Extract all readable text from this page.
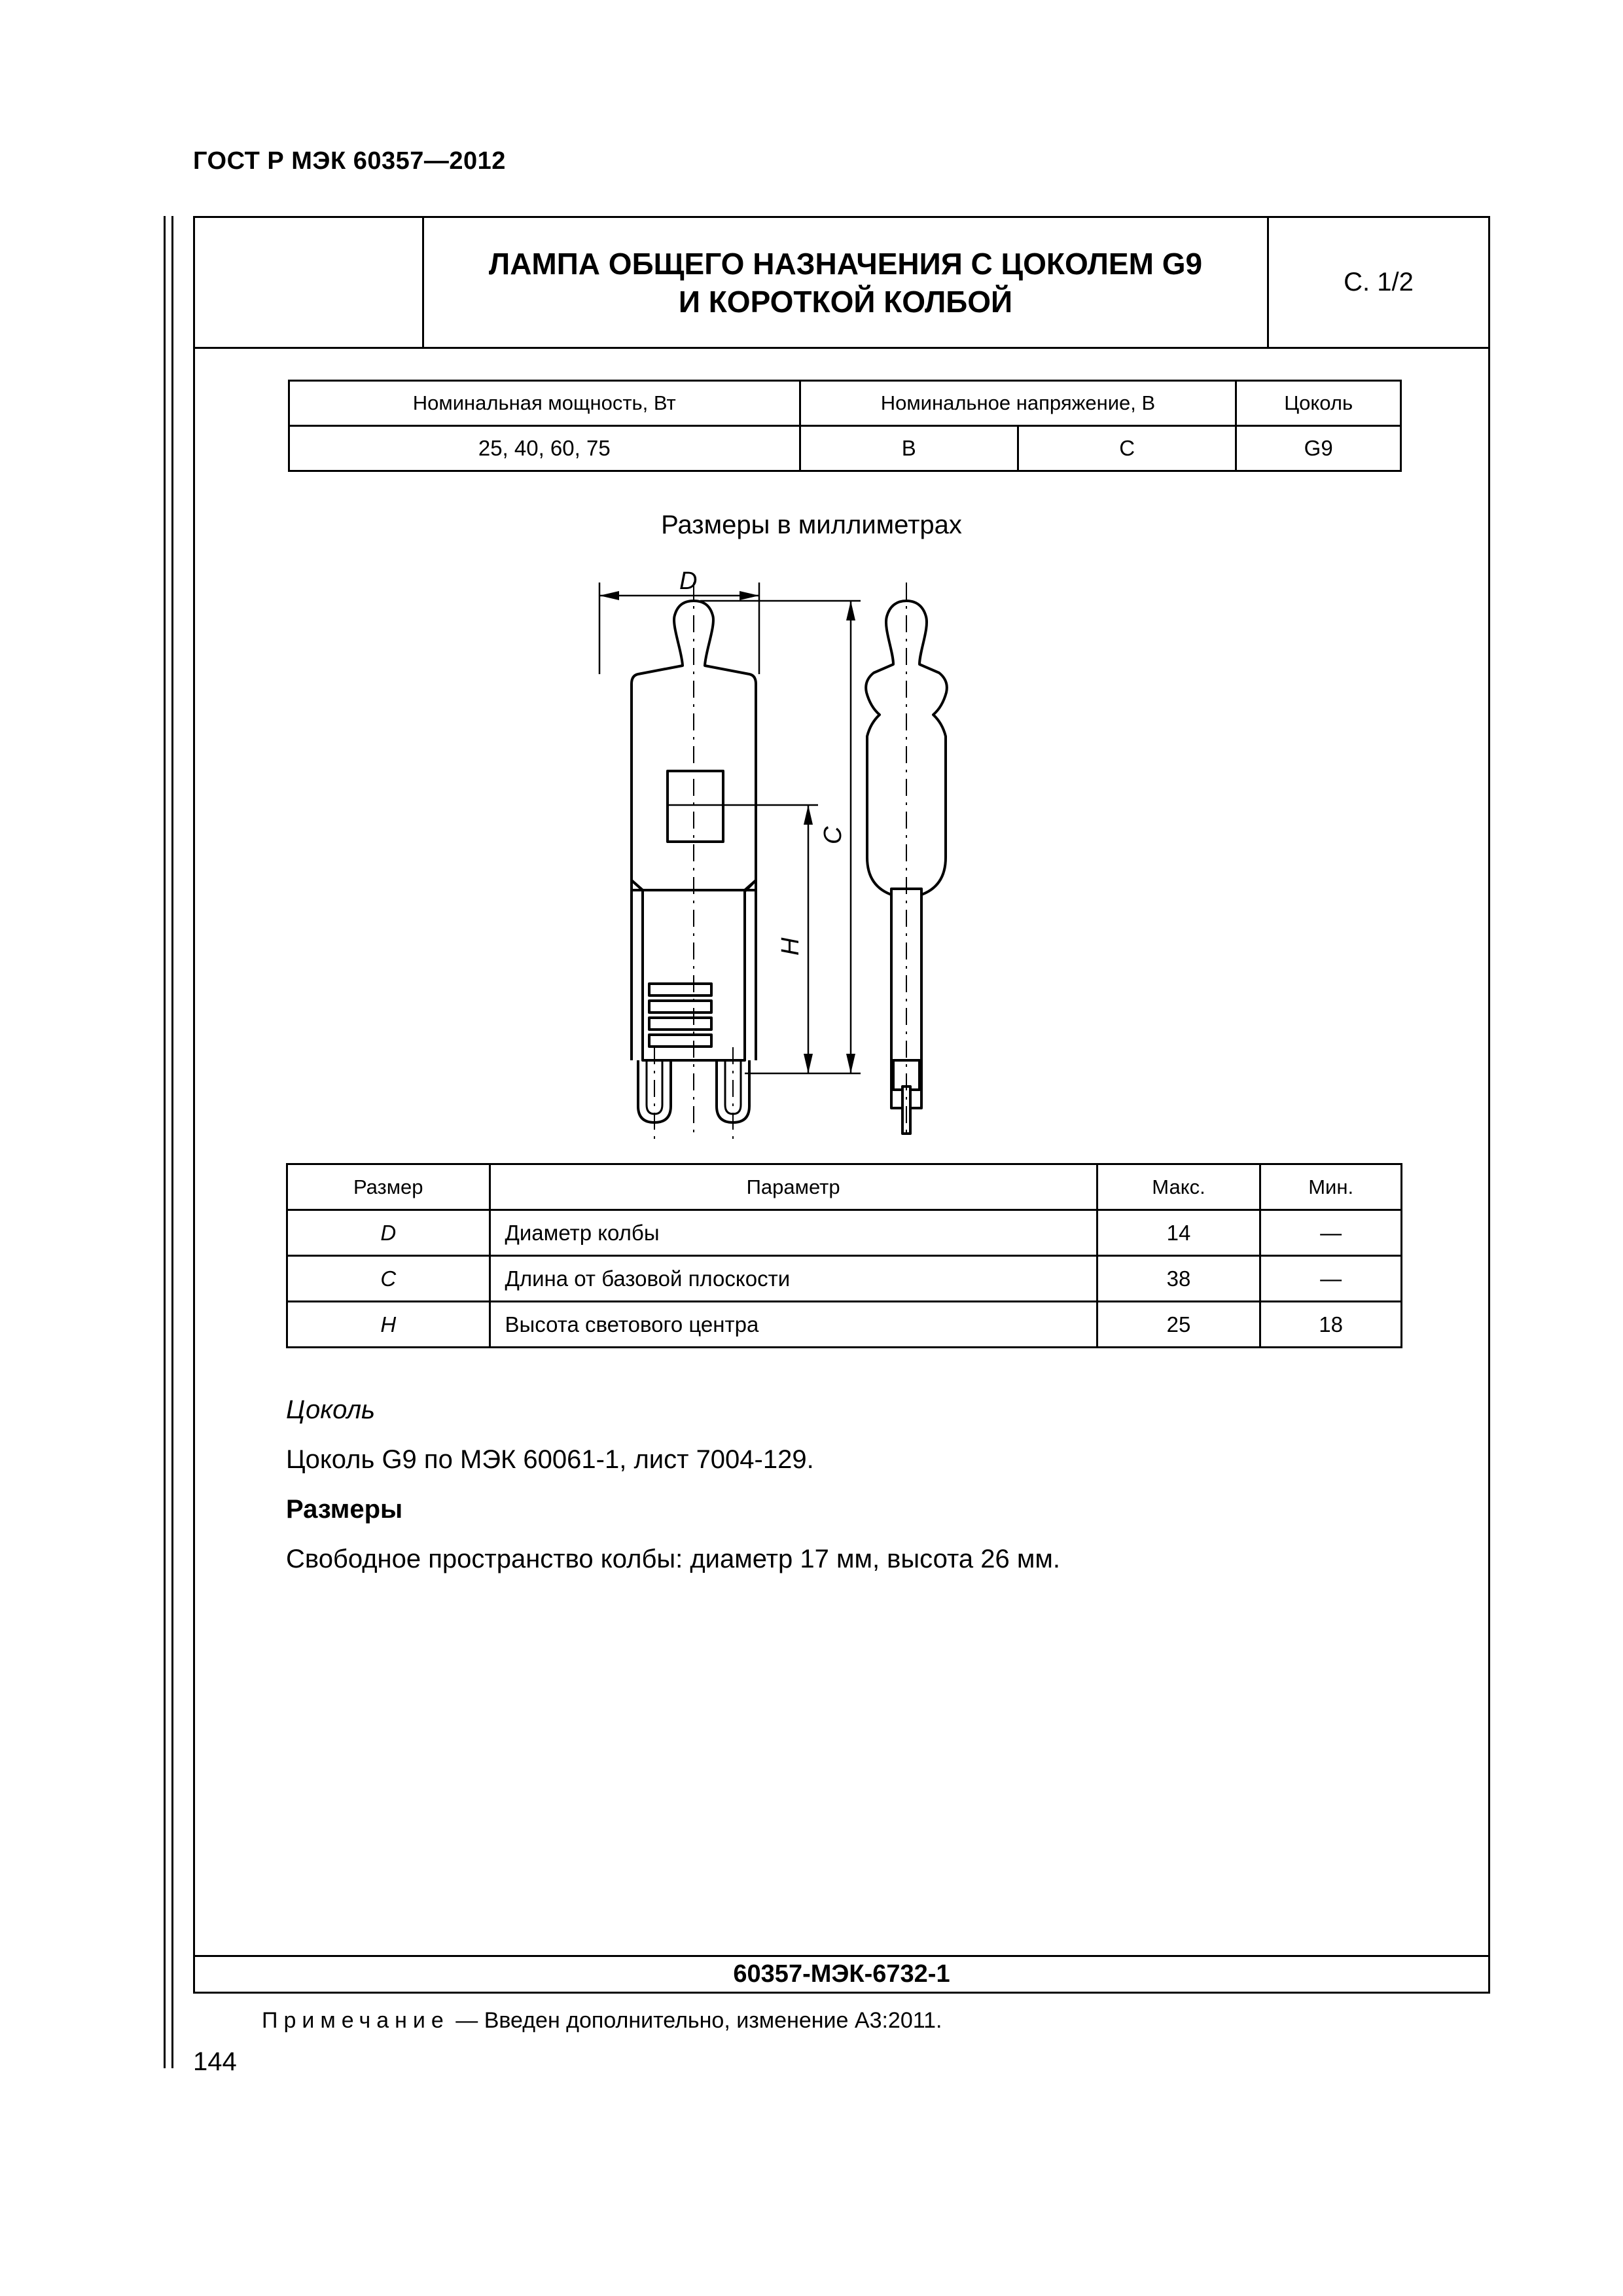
ГОСТ Р МЭК 60357—2012
ЛАМПА ОБЩЕГО НАЗНАЧЕНИЯ С ЦОКОЛЕМ G9
И КОРОТКОЙ КОЛБОЙ
С. 1/2
60357-МЭК-6732-1
Номинальная мощность, Вт	Номинальное напряжение, В		Цоколь
25, 40, 60, 75	B	C	G9
Размеры в миллиметрах
D
C
H
Размер	Параметр	Макс.	Мин.
D	Диаметр колбы	14	—
C	Длина от базовой плоскости	38	—
H	Высота светового центра	25	18
Цоколь
Цоколь G9 по МЭК 60061-1, лист 7004-129.
Размеры
Свободное пространство колбы: диаметр 17 мм, высота 26 мм.
Примечание — Введен дополнительно, изменение A3:2011.
144
